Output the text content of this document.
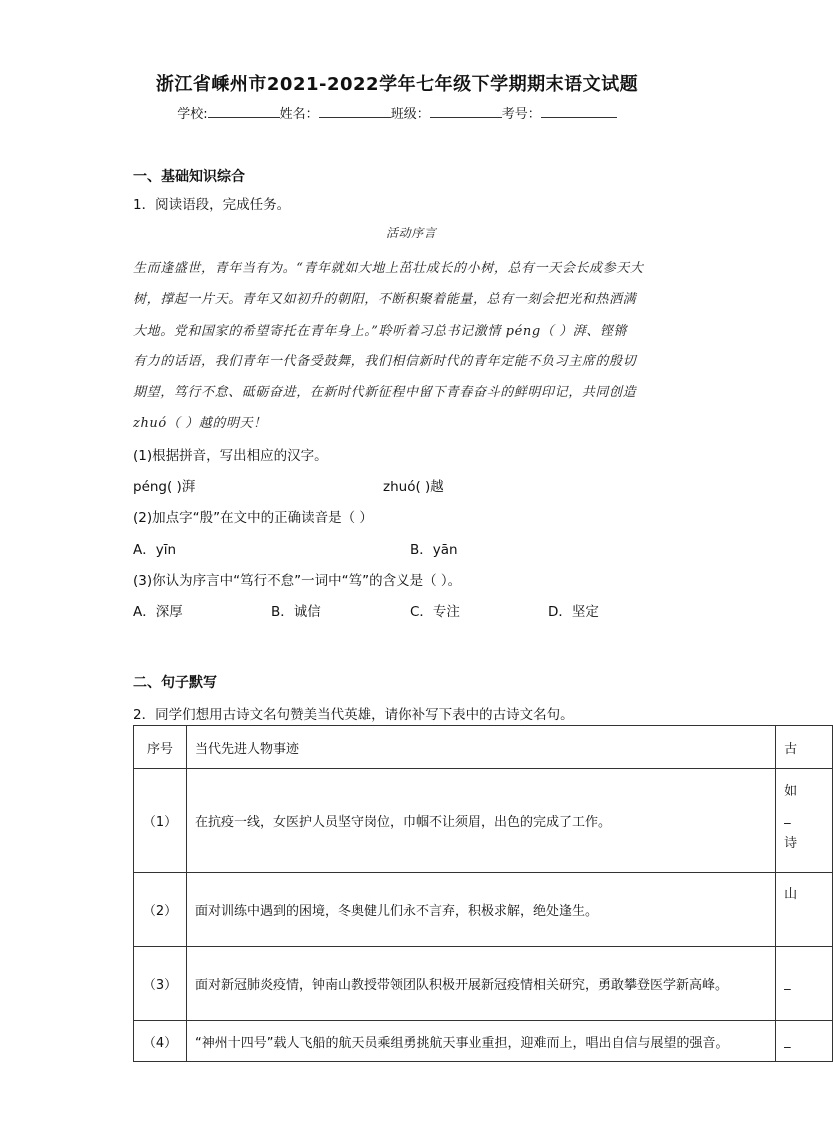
浙江省嵊州市2021-2022学年七年级下学期期末语文试题
学校:	姓名：	班级：	考号：
一、基础知识综合
1．阅读语段，完成任务。
活动序言
生而逢盛世，青年当有为。“青年就如大地上茁壮成长的小树，总有一天会长成参天大
树，撑起一片天。青年又如初升的朝阳，不断积聚着能量，总有一刻会把光和热洒满
大地。党和国家的希望寄托在青年身上。”聆听着习总书记激情 péng（ ）湃、铿锵
有力的话语，我们青年一代备受鼓舞，我们相信新时代的青年定能不负习主席的殷切
期望，笃行不怠、砥砺奋进，在新时代新征程中留下青春奋斗的鲜明印记，共同创造
zhuó（ ）越的明天！
(1)根据拼音，写出相应的汉字。
péng( )湃	zhuó( )越
(2)加点字“殷”在文中的正确读音是（ ）
A．yīn	B．yān
(3)你认为序言中“笃行不怠”一词中“笃”的含义是（ ）。
A．深厚	B．诚信	C．专注	D．坚定
二、句子默写
2．同学们想用古诗文名句赞美当代英雄，请你补写下表中的古诗文名句。
序号	当代先进人物事迹	古
（1）	在抗疫一线，女医护人员坚守岗位，巾帼不让须眉，出色的完成了工作。	如
_
诗
（2）	面对训练中遇到的困境，冬奥健儿们永不言弃，积极求解，绝处逢生。	山
（3）	面对新冠肺炎疫情，钟南山教授带领团队积极开展新冠疫情相关研究，勇敢攀登医学新高峰。	_
（4）	“神州十四号”载人飞船的航天员乘组勇挑航天事业重担，迎难而上，唱出自信与展望的强音。	_
